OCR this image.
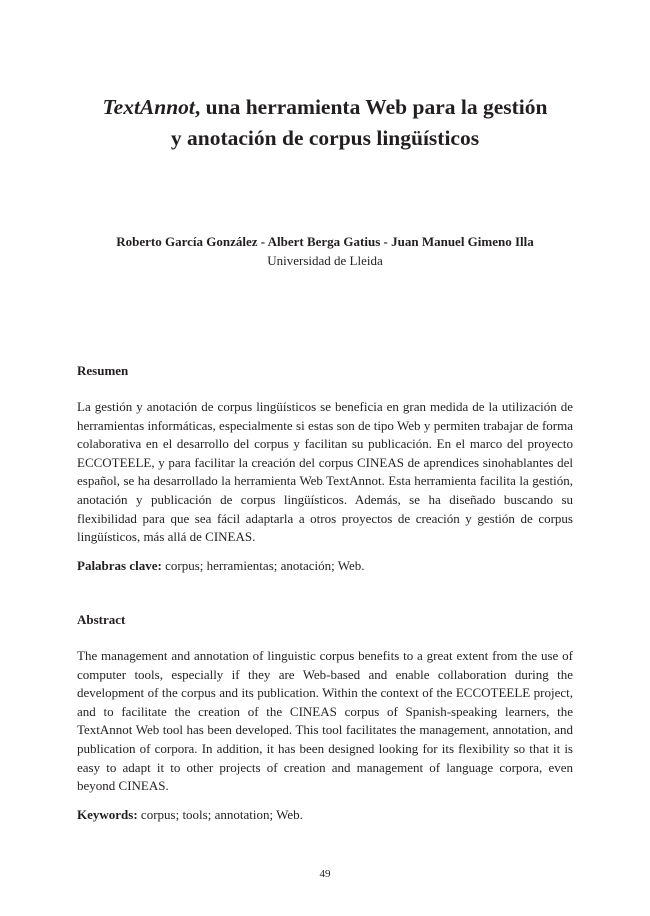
TextAnnot, una herramienta Web para la gestión
y anotación de corpus lingüísticos

Roberto García González - Albert Berga Gatius - Juan Manuel Gimeno Illa

Universidad de Lleida

Resumen

La gestión y anotación de corpus lingüísticos se beneficia en gran medida de la utilización de herramientas informáticas, especialmente si estas son de tipo Web y permiten trabajar de forma colaborativa en el desarrollo del corpus y facilitan su publicación. En el marco del proyecto ECCOTEELE, y para facilitar la creación del corpus CINEAS de aprendices sinohablantes del español, se ha desarrollado la herramienta Web TextAnnot. Esta herramienta facilita la gestión, anotación y publicación de corpus lingüísticos. Además, se ha diseñado buscando su flexibilidad para que sea fácil adaptarla a otros proyectos de creación y gestión de corpus lingüísticos, más allá de CINEAS.

Palabras clave: corpus; herramientas; anotación; Web.

Abstract

The management and annotation of linguistic corpus benefits to a great extent from the use of computer tools, especially if they are Web-based and enable collaboration during the development of the corpus and its publication. Within the context of the ECCOTEELE project, and to facilitate the creation of the CINEAS corpus of Spanish-speaking learners, the TextAnnot Web tool has been developed. This tool facilitates the management, annotation, and publication of corpora. In addition, it has been designed looking for its flexibility so that it is easy to adapt it to other projects of creation and management of language corpora, even beyond CINEAS.

Keywords: corpus; tools; annotation; Web.

49
